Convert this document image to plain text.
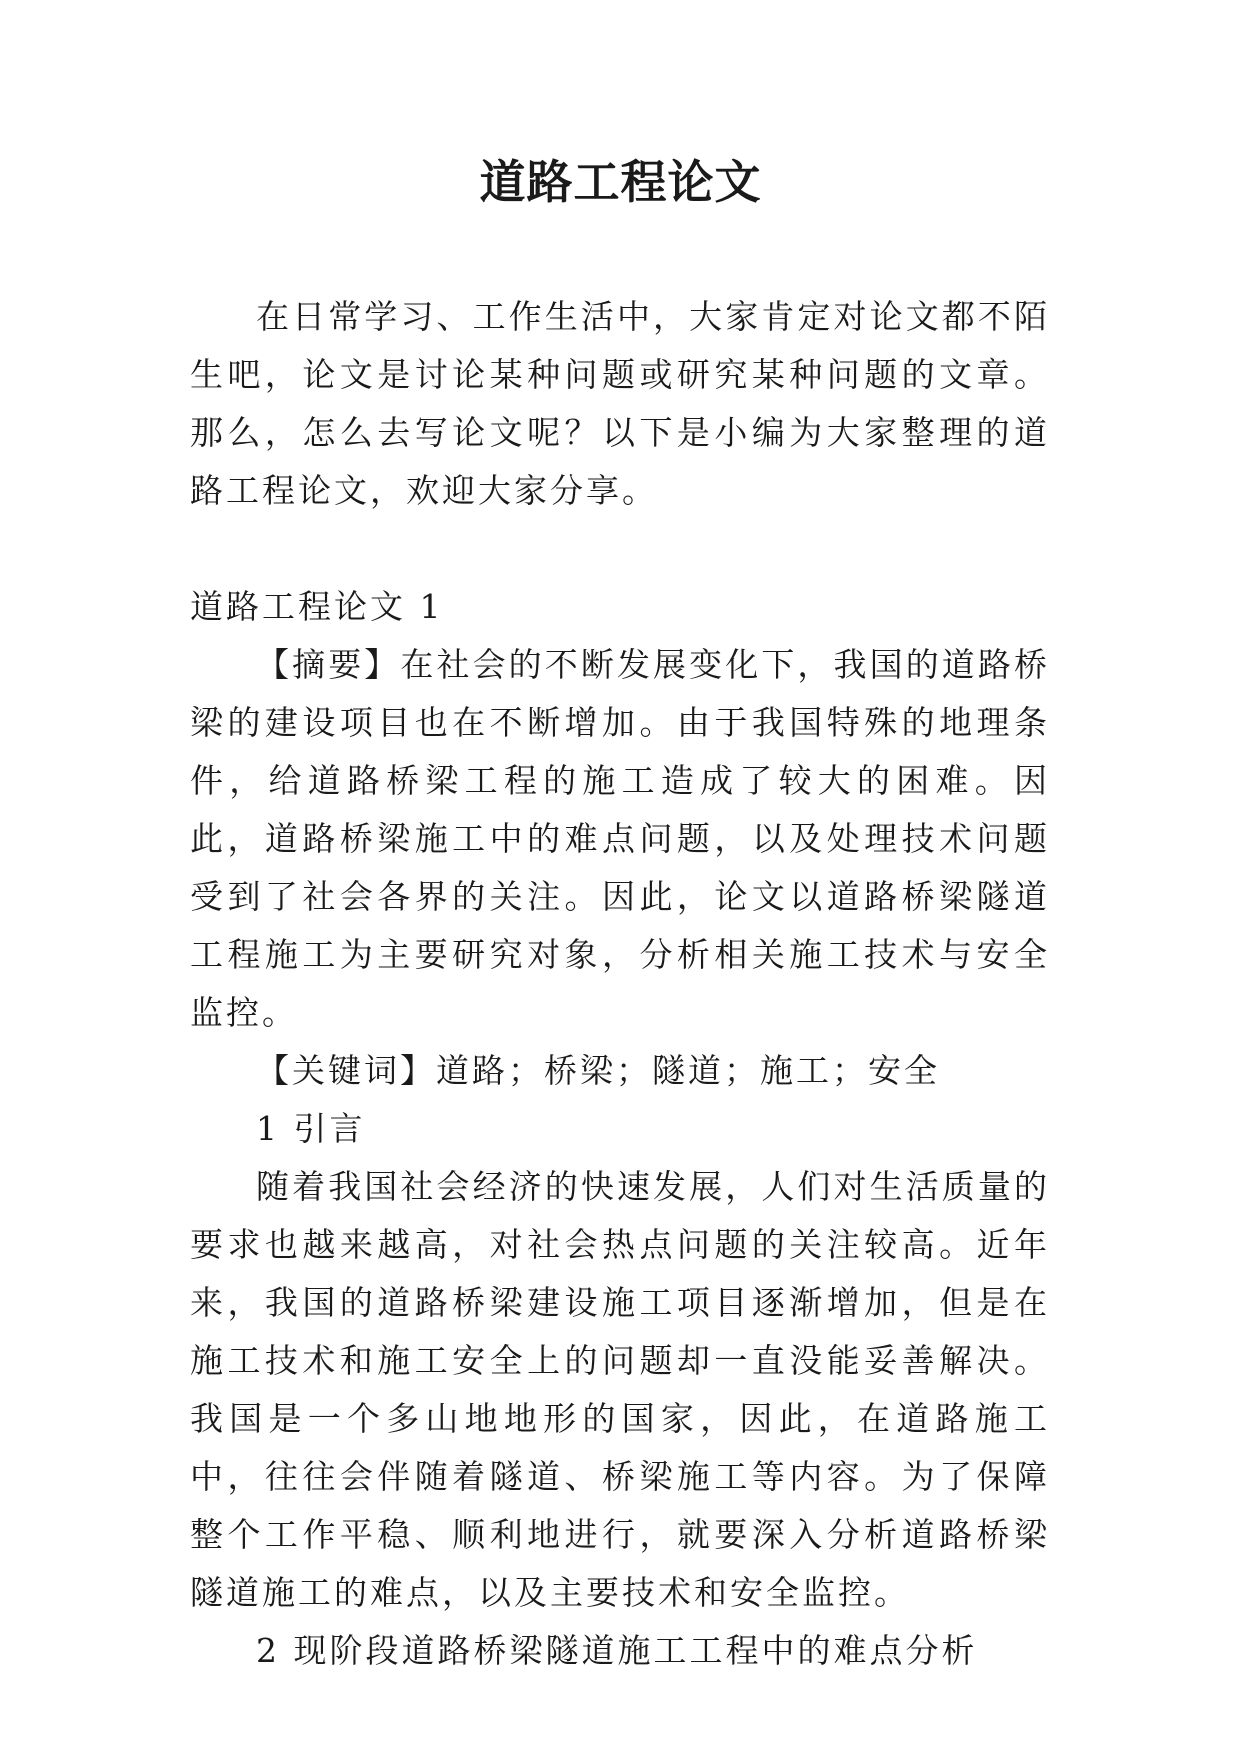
道路工程论文

在日常学习、工作生活中，大家肯定对论文都不陌生吧，论文是讨论某种问题或研究某种问题的文章。那么，怎么去写论文呢？以下是小编为大家整理的道路工程论文，欢迎大家分享。

道路工程论文 1

【摘要】在社会的不断发展变化下，我国的道路桥梁的建设项目也在不断增加。由于我国特殊的地理条件，给道路桥梁工程的施工造成了较大的困难。因此，道路桥梁施工中的难点问题，以及处理技术问题受到了社会各界的关注。因此，论文以道路桥梁隧道工程施工为主要研究对象，分析相关施工技术与安全监控。

【关键词】道路；桥梁；隧道；施工；安全

1 引言

随着我国社会经济的快速发展，人们对生活质量的要求也越来越高，对社会热点问题的关注较高。近年来，我国的道路桥梁建设施工项目逐渐增加，但是在施工技术和施工安全上的问题却一直没能妥善解决。我国是一个多山地地形的国家，因此，在道路施工中，往往会伴随着隧道、桥梁施工等内容。为了保障整个工作平稳、顺利地进行，就要深入分析道路桥梁隧道施工的难点，以及主要技术和安全监控。

2 现阶段道路桥梁隧道施工工程中的难点分析
